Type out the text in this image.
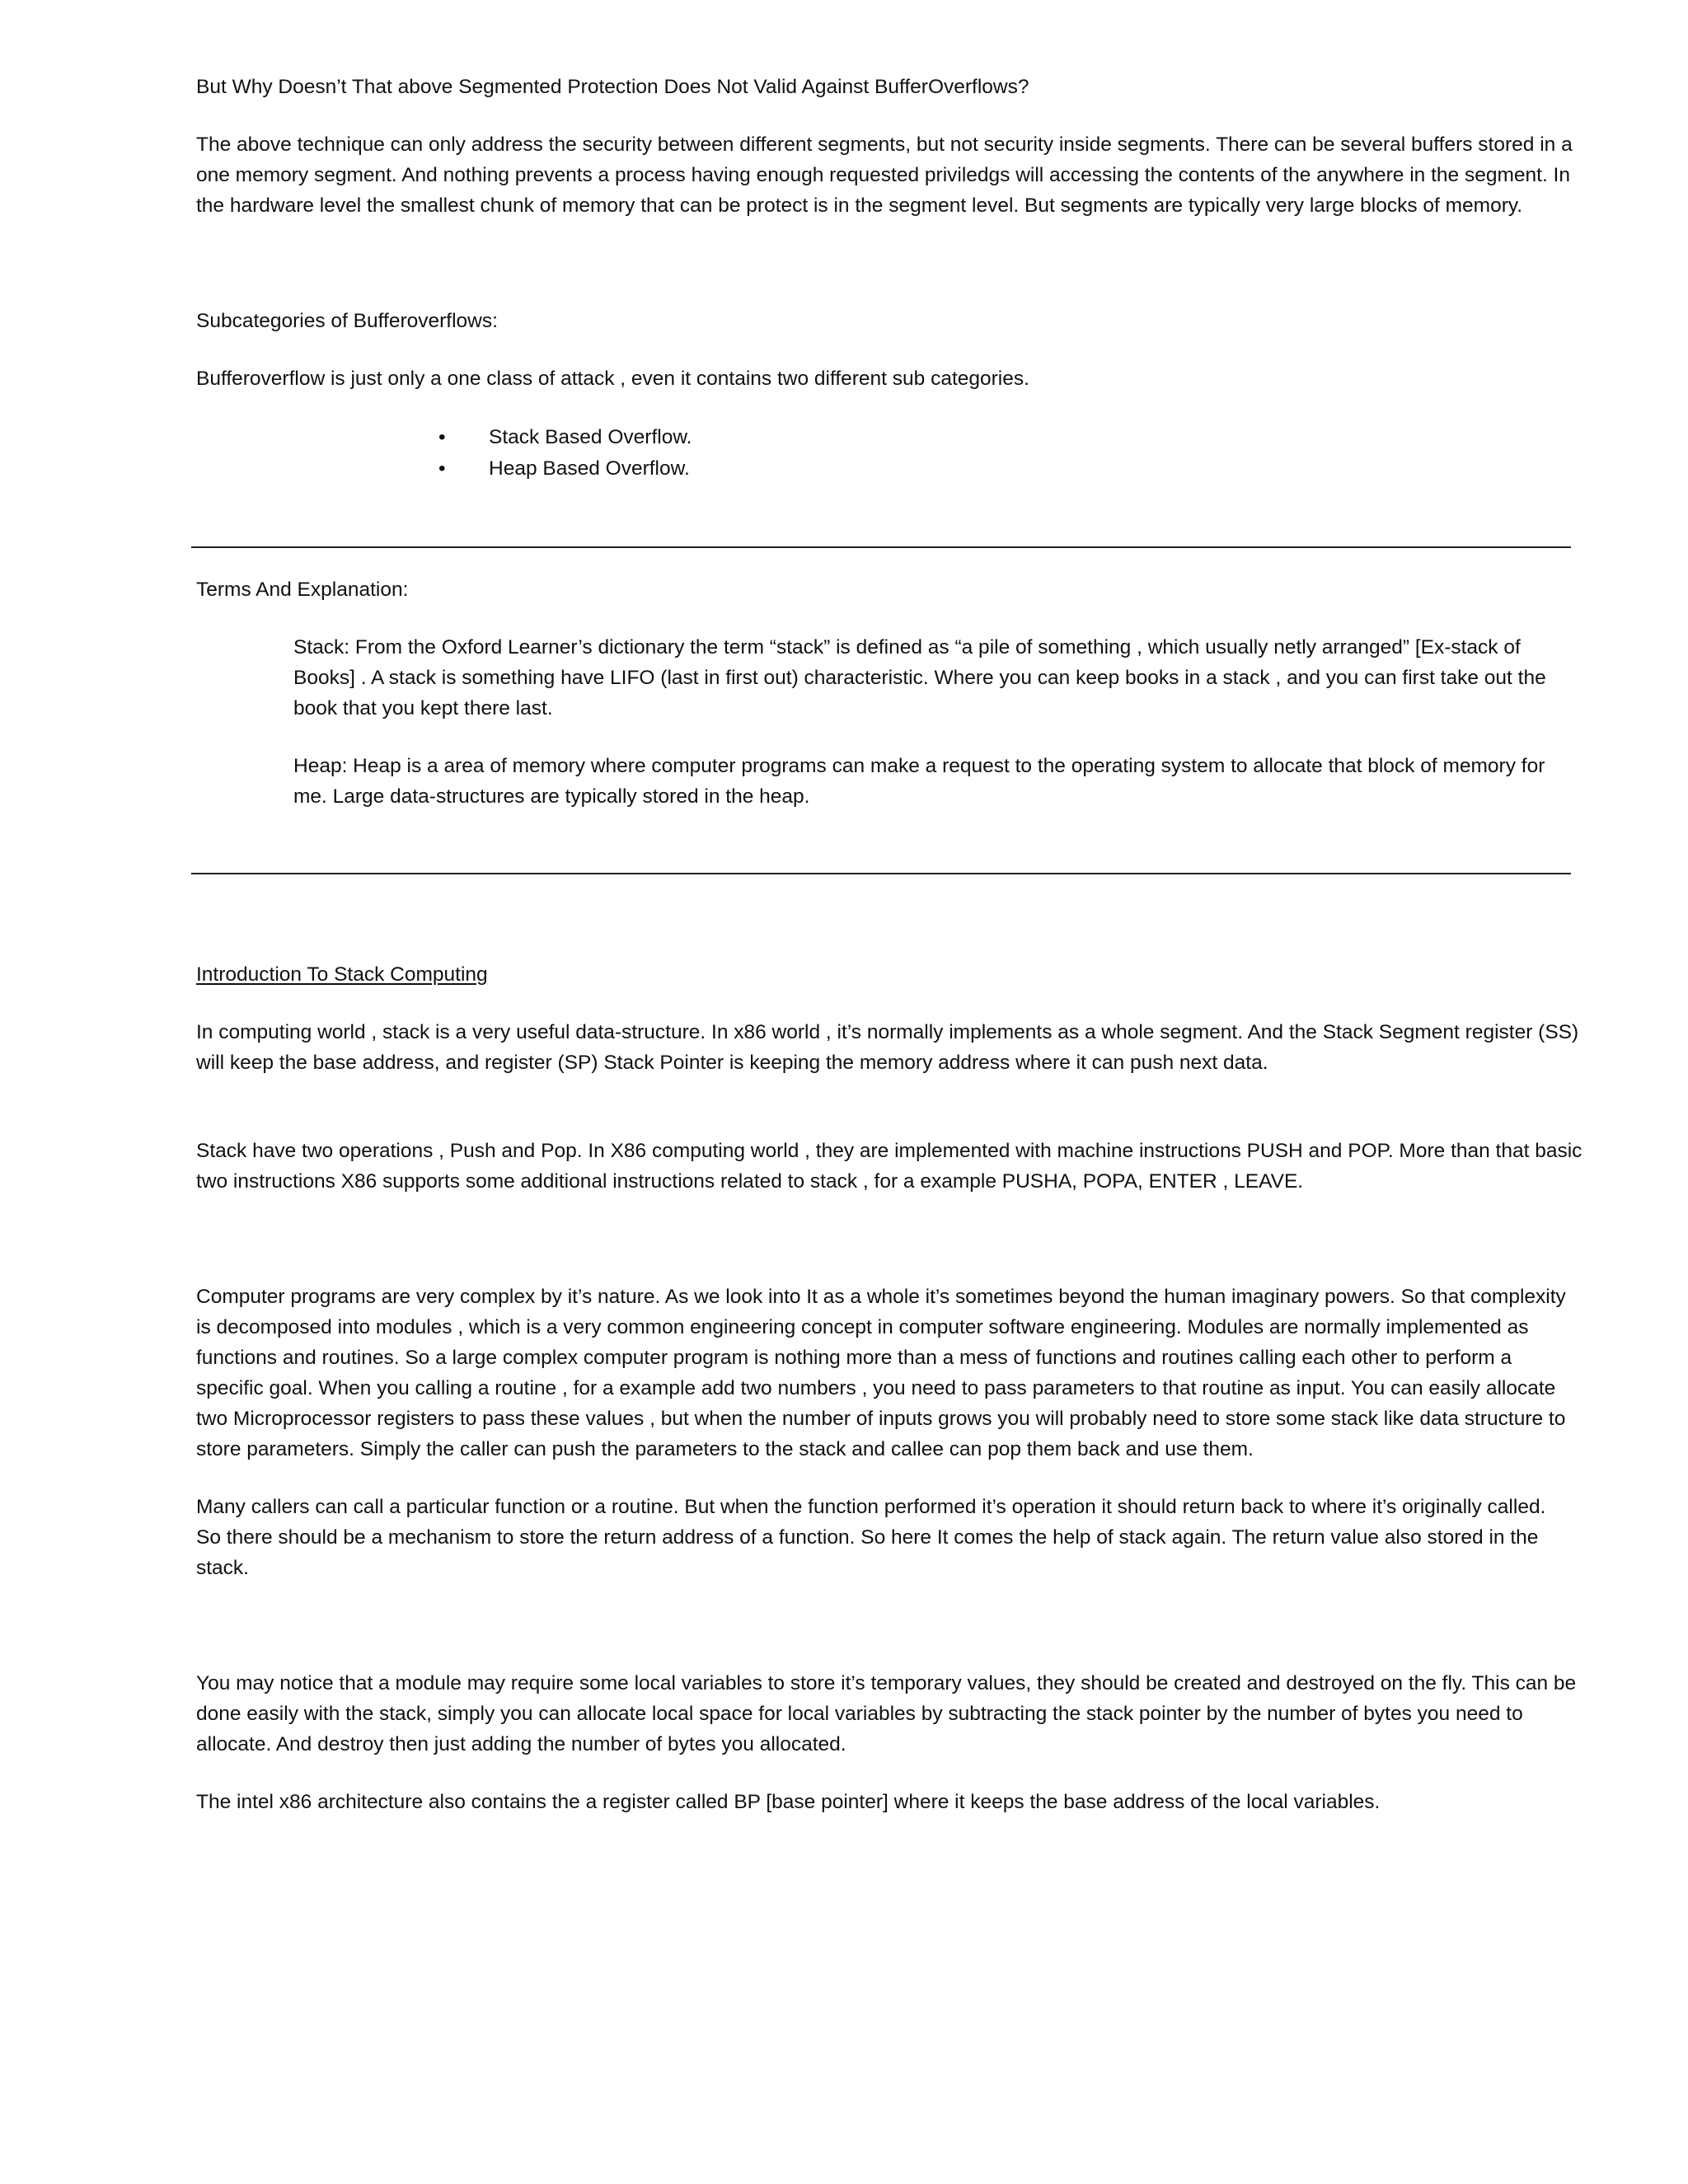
But Why Doesn’t That above Segmented Protection Does Not Valid Against BufferOverflows?

The above technique can only address the security between different segments, but not security inside segments. There can be several buffers stored in a

one memory segment. And nothing prevents a process having enough requested priviledgs will accessing the contents of the anywhere in the segment. In

the hardware level the smallest chunk of memory that can be protect is in the segment level. But segments are typically very large blocks of memory.

Subcategories of Bufferoverflows:

Bufferoverflow is just only a one class of attack , even it contains two different sub categories.

• Stack Based Overflow.
• Heap Based Overflow.

Terms And Explanation:

Stack: From the Oxford Learner’s dictionary the term “stack” is defined as “a pile of something , which usually netly arranged” [Ex-stack of

Books] . A stack is something have LIFO (last in first out) characteristic. Where you can keep books in a stack , and you can first take out the

book that you kept there last.

Heap: Heap is a area of memory where computer programs can make a request to the operating system to allocate that block of memory for

me. Large data-structures are typically stored in the heap.

Introduction To Stack Computing

In computing world , stack is a very useful data-structure. In x86 world , it’s normally implements as a whole segment. And the Stack Segment register (SS)

will keep the base address, and register (SP) Stack Pointer is keeping the memory address where it can push next data.

Stack have two operations , Push and Pop. In X86 computing world , they are implemented with machine instructions PUSH and POP. More than that basic

two instructions X86 supports some additional instructions related to stack , for a example PUSHA, POPA, ENTER , LEAVE.

Computer programs are very complex by it’s nature. As we look into It as a whole it’s sometimes beyond the human imaginary powers. So that complexity

is decomposed into modules , which is a very common engineering concept in computer software engineering. Modules are normally implemented as

functions and routines. So a large complex computer program is nothing more than a mess of functions and routines calling each other to perform a

specific goal. When you calling a routine , for a example add two numbers , you need to pass parameters to that routine as input. You can easily allocate

two Microprocessor registers to pass these values , but when the number of inputs grows you will probably need to store some stack like data structure to

store parameters. Simply the caller can push the parameters to the stack and callee can pop them back and use them.

Many callers can call a particular function or a routine. But when the function performed it’s operation it should return back to where it’s originally called.

So there should be a mechanism to store the return address of a function. So here It comes the help of stack again. The return value also stored in the

stack.

You may notice that a module may require some local variables to store it’s temporary values, they should be created and destroyed on the fly. This can be

done easily with the stack, simply you can allocate local space for local variables by subtracting the stack pointer by the number of bytes you need to

allocate. And destroy then just adding the number of bytes you allocated.

The intel x86 architecture also contains the a register called BP [base pointer] where it keeps the base address of the local variables.
